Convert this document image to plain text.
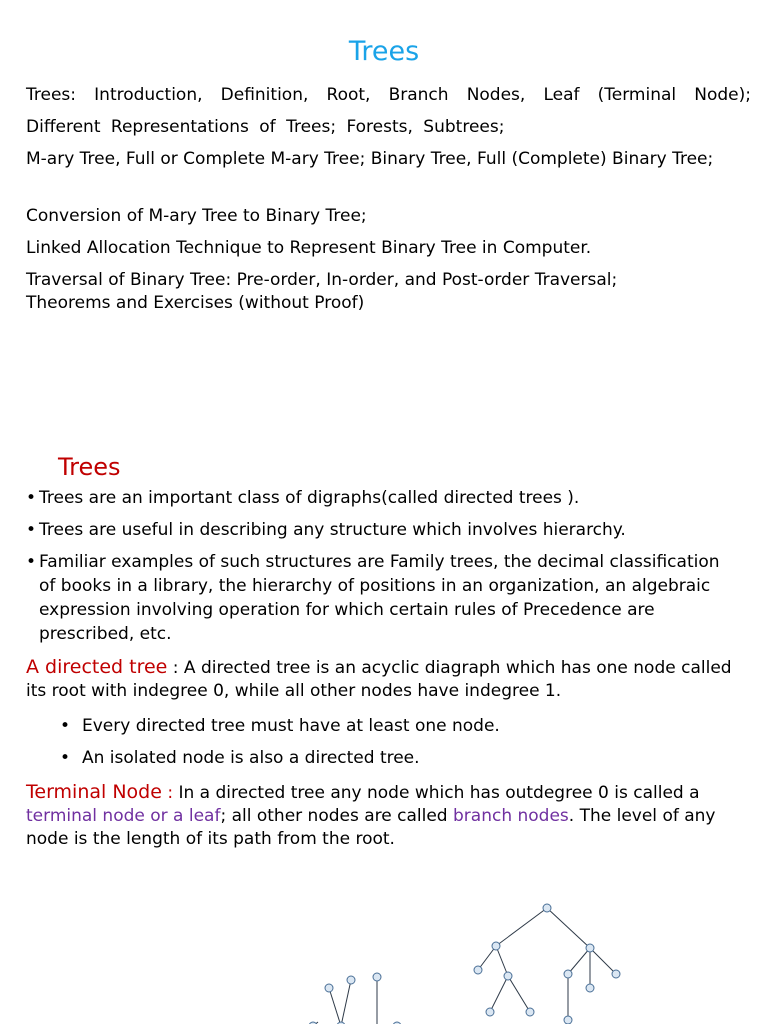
Trees
Trees: Introduction, Definition, Root, Branch Nodes, Leaf (Terminal Node);
Different Representations of Trees; Forests, Subtrees;
M-ary Tree, Full or Complete M-ary Tree; Binary Tree, Full (Complete) Binary Tree;
Conversion of M-ary Tree to Binary Tree;
Linked Allocation Technique to Represent Binary Tree in Computer.
Traversal of Binary Tree: Pre-order, In-order, and Post-order Traversal; Theorems and Exercises (without Proof)
Trees
• Trees are an important class of digraphs(called directed trees ).
• Trees are useful in describing any structure which involves hierarchy.
• Familiar examples of such structures are Family trees, the decimal classification of books in a library, the hierarchy of positions in an organization, an algebraic expression involving operation for which certain rules of Precedence are prescribed, etc.
A directed tree : A directed tree is an acyclic diagraph which has one node called its root with indegree 0, while all other nodes have indegree 1.
• Every directed tree must have at least one node.
• An isolated node is also a directed tree.
Terminal Node : In a directed tree any node which has outdegree 0 is called a terminal node or a leaf; all other nodes are called branch nodes. The level of any node is the length of its path from the root.
